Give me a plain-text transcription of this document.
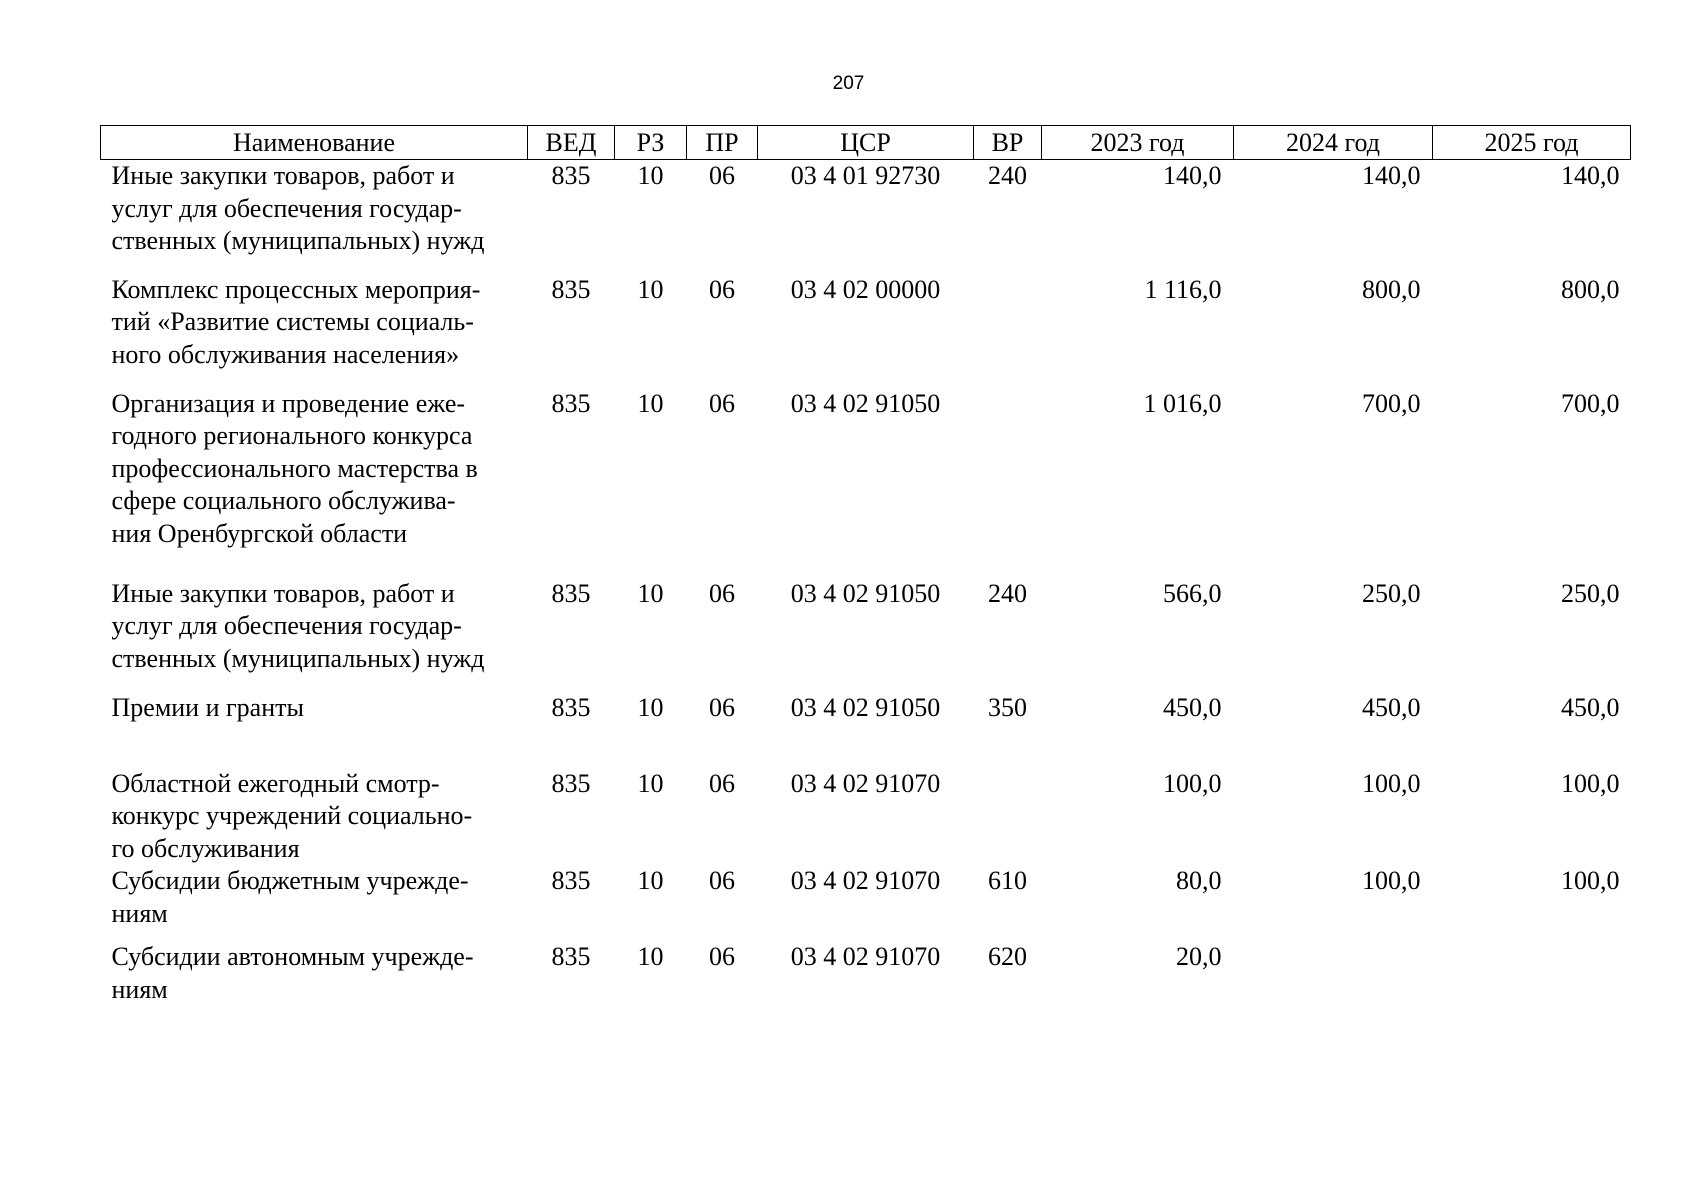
207
Наименование	ВЕД	РЗ	ПР	ЦСР	ВР	2023 год	2024 год	2025 год

Иные закупки товаров, работ и
услуг для обеспечения государ-
ственных (муниципальных) нужд	835	10	06	03 4 01 92730	240	140,0	140,0	140,0

Комплекс процессных мероприя-
тий «Развитие системы социаль-
ного обслуживания населения»	835	10	06	03 4 02 00000		1 116,0	800,0	800,0

Организация и проведение еже-
годного регионального конкурса
профессионального мастерства в
сфере социального обслужива-
ния Оренбургской области	835	10	06	03 4 02 91050		1 016,0	700,0	700,0

Иные закупки товаров, работ и
услуг для обеспечения государ-
ственных (муниципальных) нужд	835	10	06	03 4 02 91050	240	566,0	250,0	250,0

Премии и гранты	835	10	06	03 4 02 91050	350	450,0	450,0	450,0

Областной ежегодный смотр-
конкурс учреждений социально-
го обслуживания	835	10	06	03 4 02 91070		100,0	100,0	100,0

Субсидии бюджетным учрежде-
ниям	835	10	06	03 4 02 91070	610	80,0	100,0	100,0

Субсидии автономным учрежде-
ниям	835	10	06	03 4 02 91070	620	20,0		
